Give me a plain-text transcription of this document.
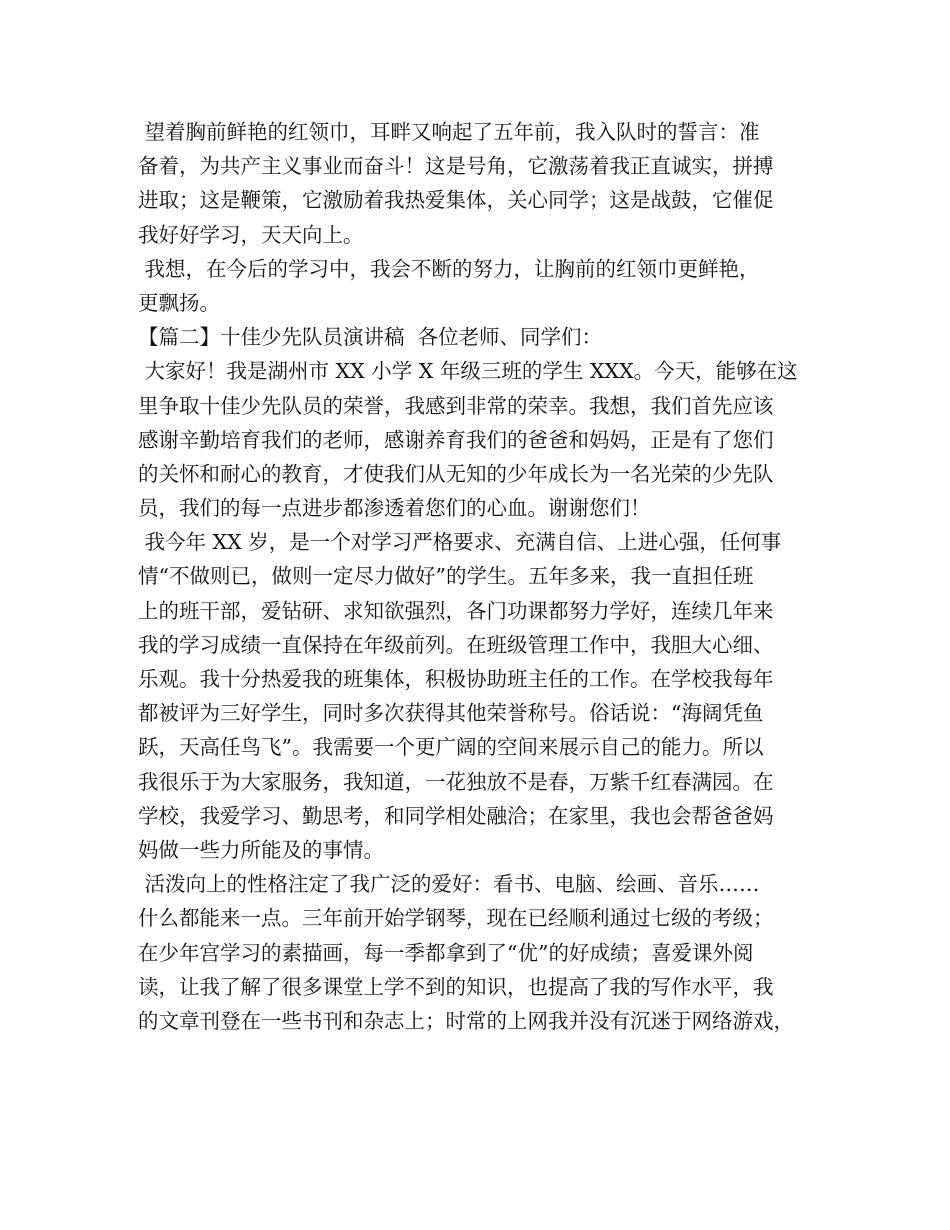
望着胸前鲜艳的红领巾，耳畔又响起了五年前，我入队时的誓言：准
备着，为共产主义事业而奋斗！这是号角，它激荡着我正直诚实，拼搏
进取；这是鞭策，它激励着我热爱集体，关心同学；这是战鼓，它催促
我好好学习，天天向上。
我想，在今后的学习中，我会不断的努力，让胸前的红领巾更鲜艳，
更飘扬。
【篇二】十佳少先队员演讲稿  各位老师、同学们：
大家好！我是湖州市 XX 小学 X 年级三班的学生 XXX。今天，能够在这
里争取十佳少先队员的荣誉，我感到非常的荣幸。我想，我们首先应该
感谢辛勤培育我们的老师，感谢养育我们的爸爸和妈妈，正是有了您们
的关怀和耐心的教育，才使我们从无知的少年成长为一名光荣的少先队
员，我们的每一点进步都渗透着您们的心血。谢谢您们！
我今年 XX 岁，是一个对学习严格要求、充满自信、上进心强，任何事
情“不做则已，做则一定尽力做好”的学生。五年多来，我一直担任班
上的班干部，爱钻研、求知欲强烈，各门功课都努力学好，连续几年来
我的学习成绩一直保持在年级前列。在班级管理工作中，我胆大心细、
乐观。我十分热爱我的班集体，积极协助班主任的工作。在学校我每年
都被评为三好学生，同时多次获得其他荣誉称号。俗话说：“海阔凭鱼
跃，天高任鸟飞”。我需要一个更广阔的空间来展示自己的能力。所以
我很乐于为大家服务，我知道，一花独放不是春，万紫千红春满园。在
学校，我爱学习、勤思考，和同学相处融洽；在家里，我也会帮爸爸妈
妈做一些力所能及的事情。
活泼向上的性格注定了我广泛的爱好：看书、电脑、绘画、音乐……
什么都能来一点。三年前开始学钢琴，现在已经顺利通过七级的考级；
在少年宫学习的素描画，每一季都拿到了“优”的好成绩；喜爱课外阅
读，让我了解了很多课堂上学不到的知识，也提高了我的写作水平，我
的文章刊登在一些书刊和杂志上；时常的上网我并没有沉迷于网络游戏，
